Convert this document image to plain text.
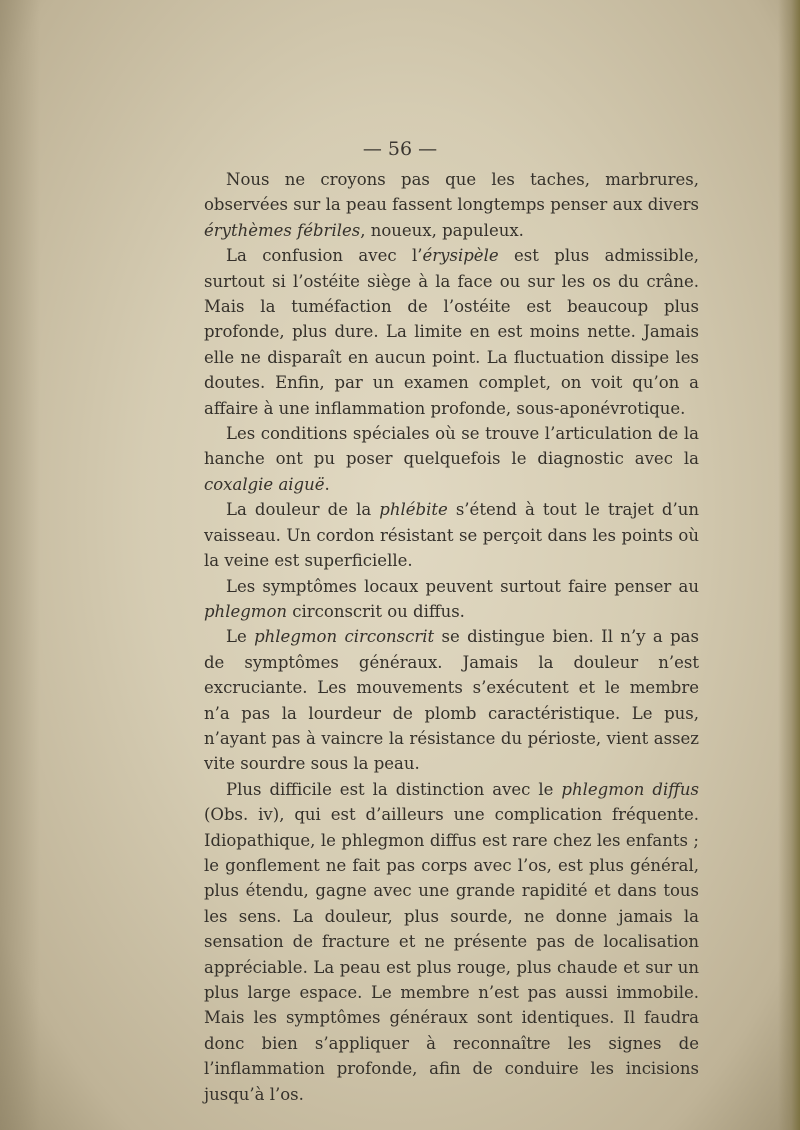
— 56 —

Nous ne croyons pas que les taches, marbrures, observées sur la peau fassent longtemps penser aux divers érythèmes fébriles, noueux, papuleux.

La confusion avec l’érysipèle est plus admissible, surtout si l’ostéite siège à la face ou sur les os du crâne. Mais la tuméfaction de l’ostéite est beaucoup plus profonde, plus dure. La limite en est moins nette. Jamais elle ne disparaît en aucun point. La fluctuation dissipe les doutes. Enfin, par un examen complet, on voit qu’on a affaire à une inflammation profonde, sous-aponévrotique.

Les conditions spéciales où se trouve l’articulation de la hanche ont pu poser quelquefois le diagnostic avec la coxalgie aiguë.

La douleur de la phlébite s’étend à tout le trajet d’un vaisseau. Un cordon résistant se perçoit dans les points où la veine est superficielle.

Les symptômes locaux peuvent surtout faire penser au phlegmon circonscrit ou diffus.

Le phlegmon circonscrit se distingue bien. Il n’y a pas de symptômes généraux. Jamais la douleur n’est excruciante. Les mouvements s’exécutent et le membre n’a pas la lourdeur de plomb caractéristique. Le pus, n’ayant pas à vaincre la résistance du périoste, vient assez vite sourdre sous la peau.

Plus difficile est la distinction avec le phlegmon diffus (Obs. iv), qui est d’ailleurs une complication fréquente. Idiopathique, le phlegmon diffus est rare chez les enfants ; le gonflement ne fait pas corps avec l’os, est plus général, plus étendu, gagne avec une grande rapidité et dans tous les sens. La douleur, plus sourde, ne donne jamais la sensation de fracture et ne présente pas de localisation appréciable. La peau est plus rouge, plus chaude et sur un plus large espace. Le membre n’est pas aussi immobile. Mais les symptômes généraux sont identiques. Il faudra donc bien s’appliquer à reconnaître les signes de l’inflammation profonde, afin de conduire les incisions jusqu’à l’os.
